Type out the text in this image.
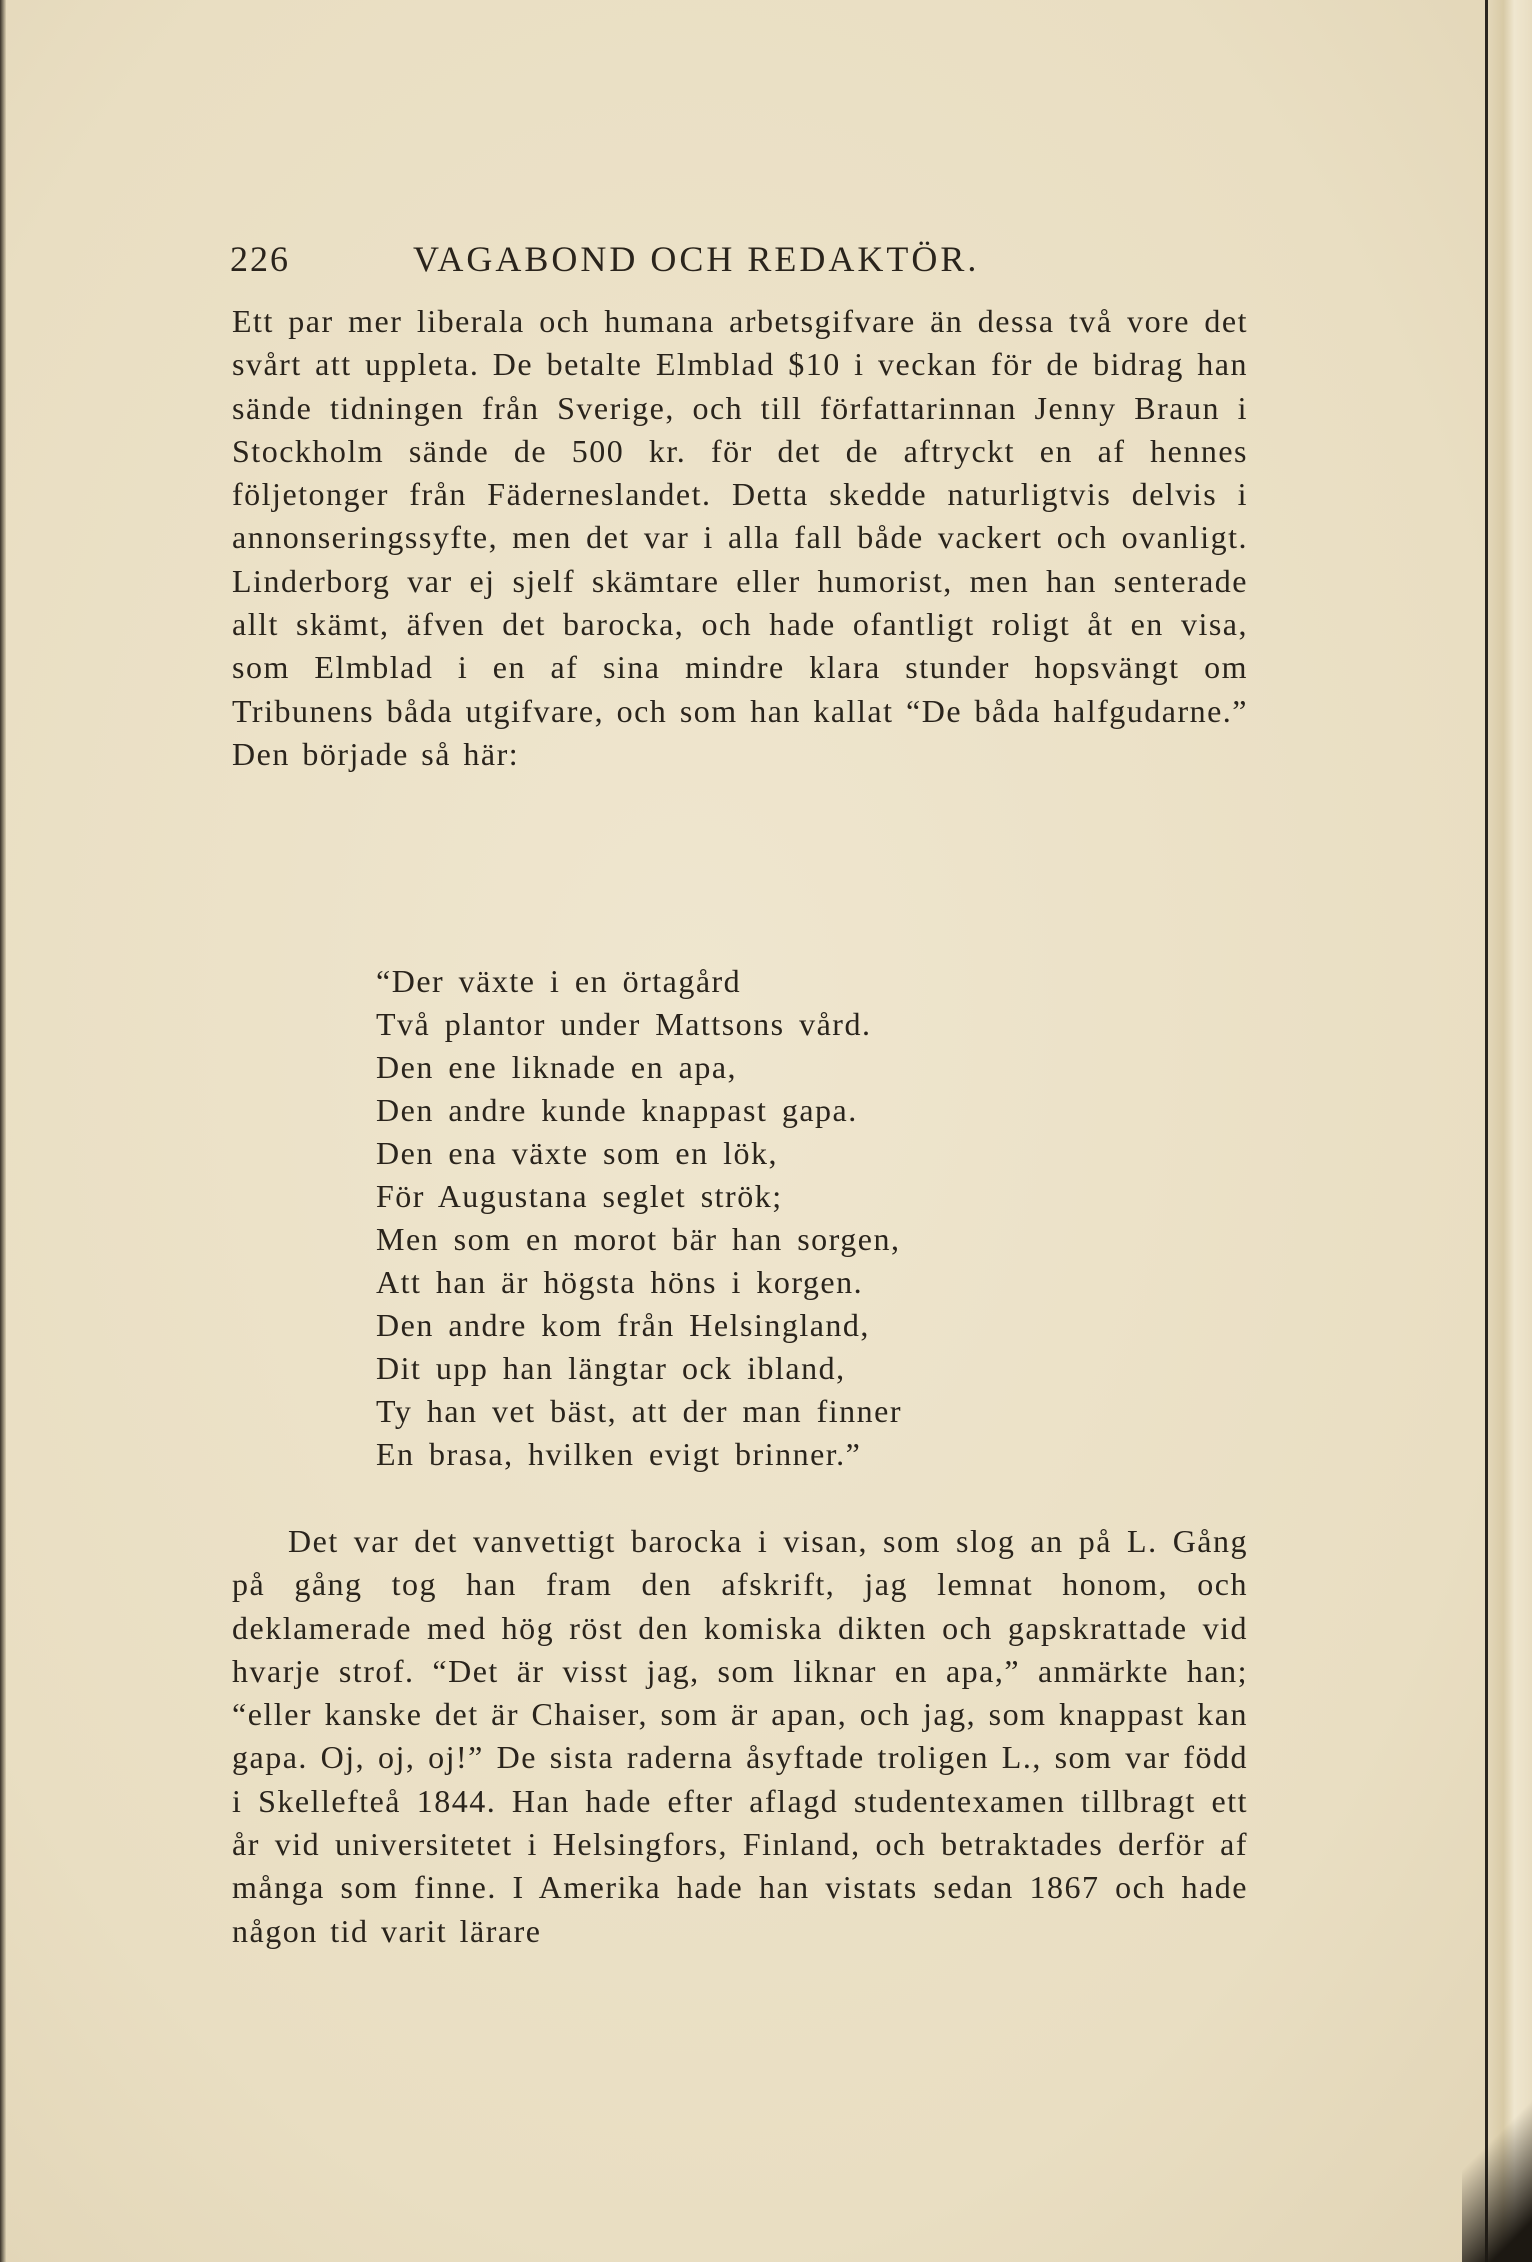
226	VAGABOND OCH REDAKTÖR.
Ett par mer liberala och humana arbetsgifvare än dessa två vore det svårt att uppleta. De betalte Elmblad $10 i veckan för de bidrag han sände tidningen från Sverige, och till författarinnan Jenny Braun i Stockholm sände de 500 kr. för det de aftryckt en af hennes följetonger från Fäderneslandet. Detta skedde naturligtvis delvis i annonseringssyfte, men det var i alla fall både vackert och ovanligt. Linderborg var ej sjelf skämtare eller humorist, men han senterade allt skämt, äfven det barocka, och hade ofantligt roligt åt en visa, som Elmblad i en af sina mindre klara stunder hopsvängt om Tribunens båda utgifvare, och som han kallat “De båda halfgudarne.” Den började så här:
“Der växte i en örtagård
Två plantor under Mattsons vård.
Den ene liknade en apa,
Den andre kunde knappast gapa.
Den ena växte som en lök,
För Augustana seglet strök;
Men som en morot bär han sorgen,
Att han är högsta höns i korgen.
Den andre kom från Helsingland,
Dit upp han längtar ock ibland,
Ty han vet bäst, att der man finner
En brasa, hvilken evigt brinner.”
Det var det vanvettigt barocka i visan, som slog an på L. Gång på gång tog han fram den afskrift, jag lemnat honom, och deklamerade med hög röst den komiska dikten och gapskrattade vid hvarje strof. “Det är visst jag, som liknar en apa,” anmärkte han; “eller kanske det är Chaiser, som är apan, och jag, som knappast kan gapa. Oj, oj, oj!” De sista raderna åsyftade troligen L., som var född i Skellefteå 1844. Han hade efter aflagd studentexamen tillbragt ett år vid universitetet i Helsingfors, Finland, och betraktades derför af många som finne. I Amerika hade han vistats sedan 1867 och hade någon tid varit lärare
